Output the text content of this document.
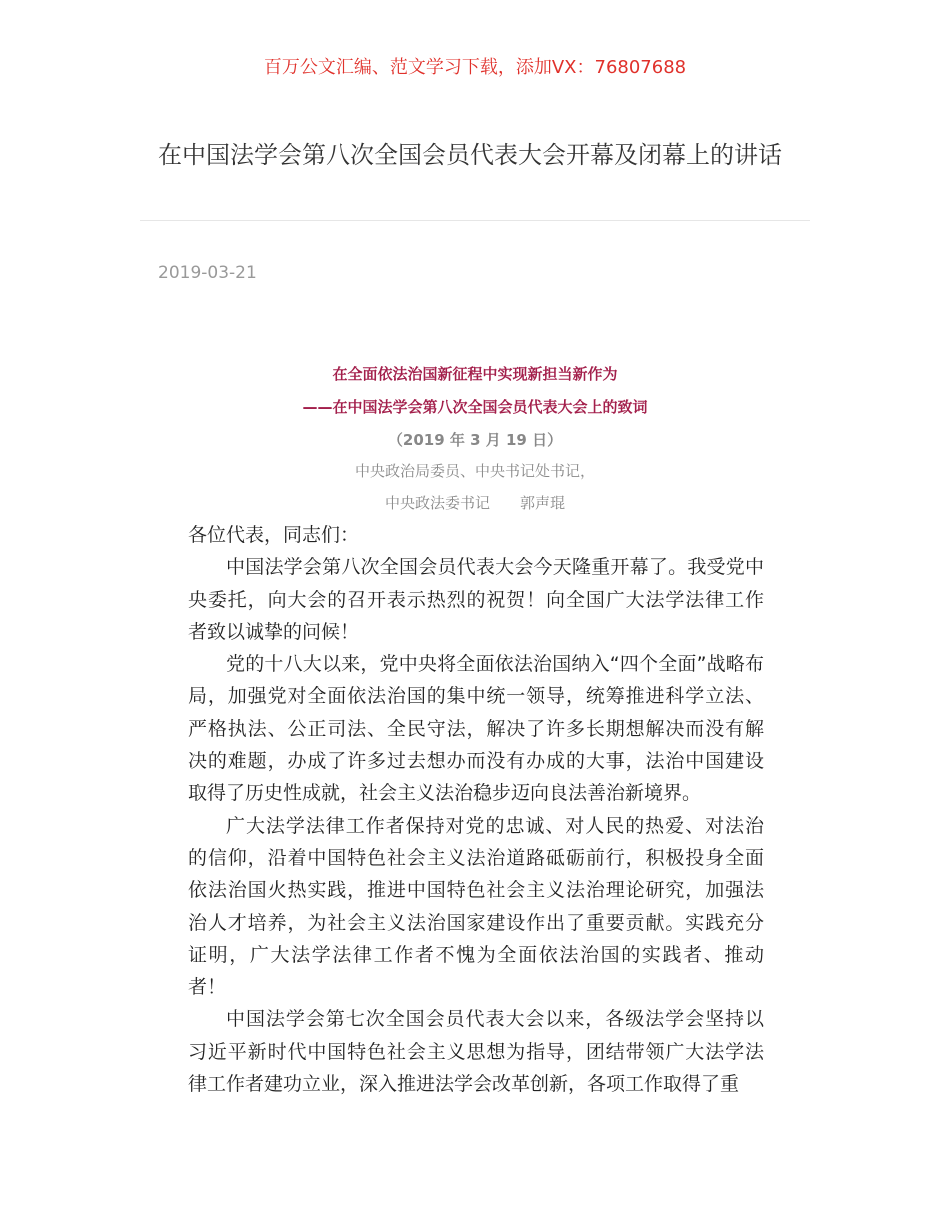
百万公文汇编、范文学习下载，添加VX：76807688
在中国法学会第八次全国会员代表大会开幕及闭幕上的讲话
2019-03-21
在全面依法治国新征程中实现新担当新作为
——在中国法学会第八次全国会员代表大会上的致词
（2019 年 3 月 19 日）
中央政治局委员、中央书记处书记，
中央政法委书记　　郭声琨
各位代表，同志们：
中国法学会第八次全国会员代表大会今天隆重开幕了。我受党中
央委托，向大会的召开表示热烈的祝贺！向全国广大法学法律工作
者致以诚挚的问候！
党的十八大以来，党中央将全面依法治国纳入“四个全面”战略布
局，加强党对全面依法治国的集中统一领导，统筹推进科学立法、
严格执法、公正司法、全民守法，解决了许多长期想解决而没有解
决的难题，办成了许多过去想办而没有办成的大事，法治中国建设
取得了历史性成就，社会主义法治稳步迈向良法善治新境界。
广大法学法律工作者保持对党的忠诚、对人民的热爱、对法治
的信仰，沿着中国特色社会主义法治道路砥砺前行，积极投身全面
依法治国火热实践，推进中国特色社会主义法治理论研究，加强法
治人才培养，为社会主义法治国家建设作出了重要贡献。实践充分
证明，广大法学法律工作者不愧为全面依法治国的实践者、推动
者！
中国法学会第七次全国会员代表大会以来，各级法学会坚持以
习近平新时代中国特色社会主义思想为指导，团结带领广大法学法
律工作者建功立业，深入推进法学会改革创新，各项工作取得了重
